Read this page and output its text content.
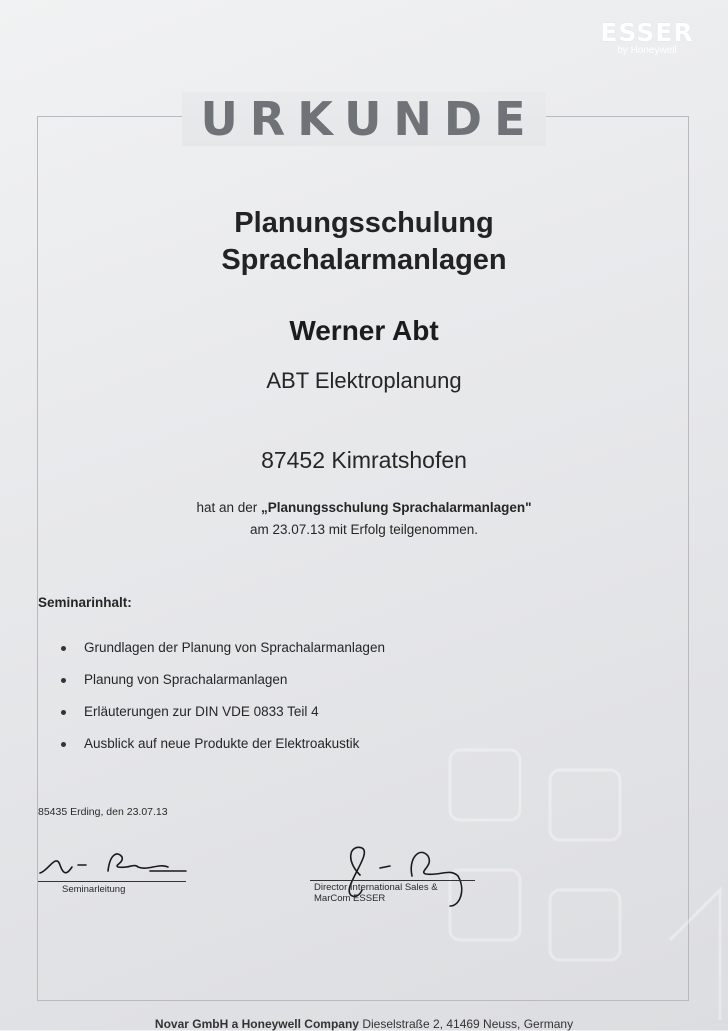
ESSER
by Honeywell
URKUNDE
Planungsschulung
Sprachalarmanlagen
Werner Abt
ABT Elektroplanung
87452 Kimratshofen
hat an der „Planungsschulung Sprachalarmanlagen"
am 23.07.13 mit Erfolg teilgenommen.
Seminarinhalt:
Grundlagen der Planung von Sprachalarmanlagen
Planung von Sprachalarmanlagen
Erläuterungen zur DIN VDE 0833 Teil 4
Ausblick auf neue Produkte der Elektroakustik
85435 Erding, den 23.07.13
Seminarleitung	Director International Sales &
MarCom ESSER
Novar GmbH a Honeywell Company Dieselstraße 2, 41469 Neuss, Germany
